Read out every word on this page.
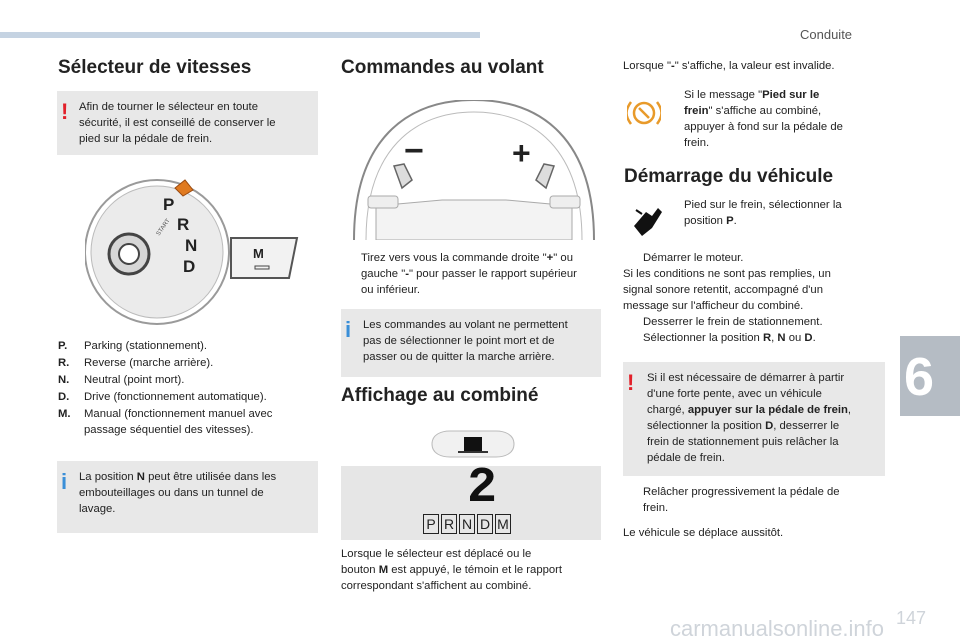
Conduite
6
147
carmanualsonline.info
Sélecteur de vitesses
! Afin de tourner le sélecteur en toute
sécurité, il est conseillé de conserver le
pied sur la pédale de frein.
START
P
R
N
D
M
P. Parking (stationnement).
R. Reverse (marche arrière).
N. Neutral (point mort).
D. Drive (fonctionnement automatique).
M. Manual (fonctionnement manuel avec
passage séquentiel des vitesses).
i La position N peut être utilisée dans les
embouteillages ou dans un tunnel de
lavage.
Commandes au volant
−	+
Tirez vers vous la commande droite "+" ou
gauche "-" pour passer le rapport supérieur
ou inférieur.
i Les commandes au volant ne permettent
pas de sélectionner le point mort et de
passer ou de quitter la marche arrière.
Affichage au combiné
2
P R N D M
Lorsque le sélecteur est déplacé ou le
bouton M est appuyé, le témoin et le rapport
correspondant s'affichent au combiné.
Lorsque "-" s'affiche, la valeur est invalide.
Si le message "Pied sur le
frein" s'affiche au combiné,
appuyer à fond sur la pédale de
frein.
Démarrage du véhicule
Pied sur le frein, sélectionner la
position P.
Démarrer le moteur.
Si les conditions ne sont pas remplies, un
signal sonore retentit, accompagné d'un
message sur l'afficheur du combiné.
Desserrer le frein de stationnement.
Sélectionner la position R, N ou D.
! Si il est nécessaire de démarrer à partir
d'une forte pente, avec un véhicule
chargé, appuyer sur la pédale de frein,
sélectionner la position D, desserrer le
frein de stationnement puis relâcher la
pédale de frein.
Relâcher progressivement la pédale de
frein.
Le véhicule se déplace aussitôt.
